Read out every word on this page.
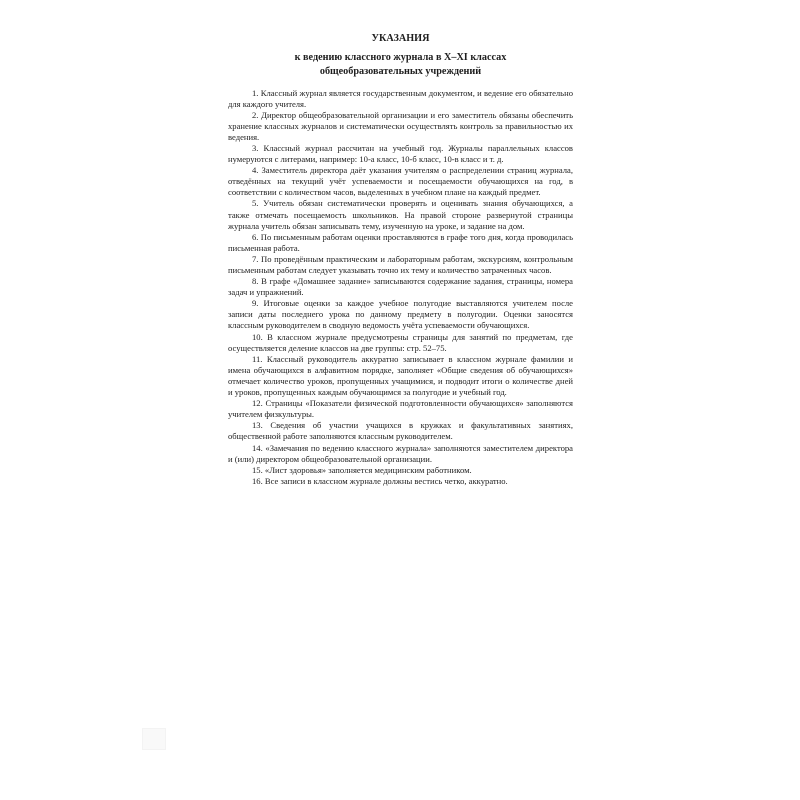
УКАЗАНИЯ

к ведению классного журнала в X–XI классах

общеобразовательных учреждений

1. Классный журнал является государственным документом, и ведение его обязательно для каждого учителя.

2. Директор общеобразовательной организации и его заместитель обязаны обеспечить хранение классных журналов и систематически осуществлять контроль за правильностью их ведения.

3. Классный журнал рассчитан на учебный год. Журналы параллельных классов нумеруются с литерами, например: 10-а класс, 10-б класс, 10-в класс и т. д.

4. Заместитель директора даёт указания учителям о распределении страниц журнала, отведённых на текущий учёт успеваемости и посещаемости обучающихся на год, в соответствии с количеством часов, выделенных в учебном плане на каждый предмет.

5. Учитель обязан систематически проверять и оценивать знания обучающихся, а также отмечать посещаемость школьников. На правой стороне развернутой страницы журнала учитель обязан записывать тему, изученную на уроке, и задание на дом.

6. По письменным работам оценки проставляются в графе того дня, когда проводилась письменная работа.

7. По проведённым практическим и лабораторным работам, экскурсиям, контрольным письменным работам следует указывать точно их тему и количество затраченных часов.

8. В графе «Домашнее задание» записываются содержание задания, страницы, номера задач и упражнений.

9. Итоговые оценки за каждое учебное полугодие выставляются учителем после записи даты последнего урока по данному предмету в полугодии. Оценки заносятся классным руководителем в сводную ведомость учёта успеваемости обучающихся.

10. В классном журнале предусмотрены страницы для занятий по предметам, где осуществляется деление классов на две группы: стр. 52–75.

11. Классный руководитель аккуратно записывает в классном журнале фамилии и имена обучающихся в алфавитном порядке, заполняет «Общие сведения об обучающихся» отмечает количество уроков, пропущенных учащимися, и подводит итоги о количестве дней и уроков, пропущенных каждым обучающимся за полугодие и учебный год.

12. Страницы «Показатели физической подготовленности обучающихся» заполняются учителем физкультуры.

13. Сведения об участии учащихся в кружках и факультативных занятиях, общественной работе заполняются классным руководителем.

14. «Замечания по ведению классного журнала» заполняются заместителем директора и (или) директором общеобразовательной организации.

15. «Лист здоровья» заполняется медицинским работником.

16. Все записи в классном журнале должны вестись четко, аккуратно.
